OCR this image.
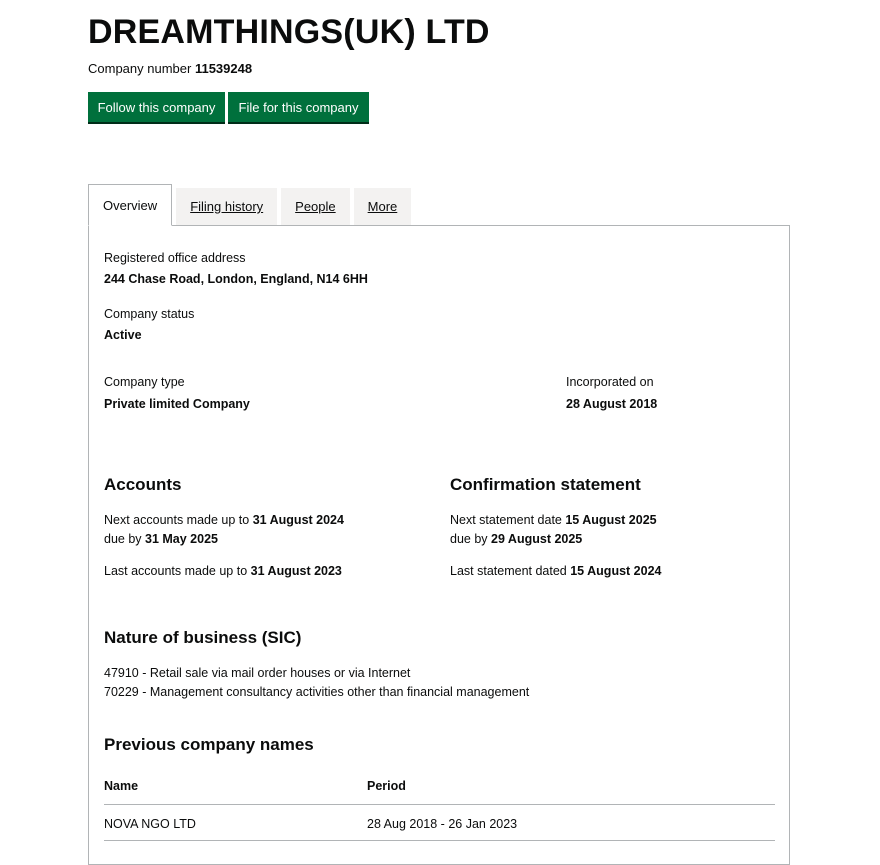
DREAMTHINGS(UK) LTD
Company number 11539248
Follow this company	File for this company
Overview	Filing history	People	More
Registered office address
244 Chase Road, London, England, N14 6HH
Company status
Active
Company type
Private limited Company
Incorporated on
28 August 2018
Accounts
Next accounts made up to 31 August 2024
due by 31 May 2025
Last accounts made up to 31 August 2023
Confirmation statement
Next statement date 15 August 2025
due by 29 August 2025
Last statement dated 15 August 2024
Nature of business (SIC)
47910 - Retail sale via mail order houses or via Internet
70229 - Management consultancy activities other than financial management
Previous company names
Name	Period
NOVA NGO LTD	28 Aug 2018 - 26 Jan 2023
